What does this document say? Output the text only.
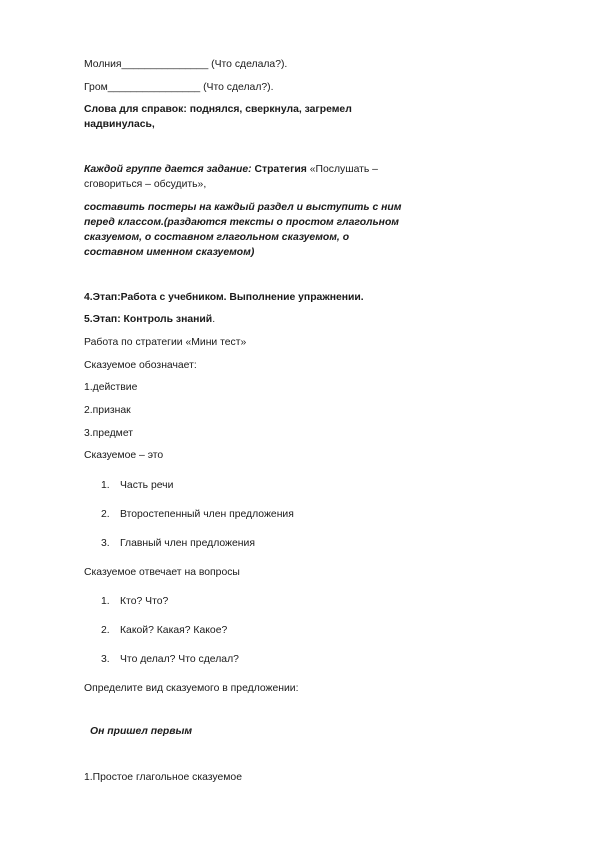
Молния_______________ (Что сделала?).
Гром________________ (Что сделал?).
Слова для справок: поднялся, сверкнула, загремел надвинулась,
Каждой группе дается задание: Стратегия «Послушать – сговориться – обсудить»,
составить постеры на каждый раздел и выступить с ним перед классом.(раздаются тексты о простом глагольном сказуемом, о составном глагольном сказуемом, о составном именном сказуемом)
4.Этап:Работа с учебником. Выполнение упражнении.
5.Этап: Контроль знаний.
Работа по стратегии «Мини тест»
Сказуемое обозначает:
1.действие
2.признак
3.предмет
Сказуемое – это
1. Часть речи
2. Второстепенный член предложения
3. Главный член предложения
Сказуемое отвечает на вопросы
1. Кто? Что?
2. Какой? Какая? Какое?
3. Что делал? Что сделал?
Определите вид сказуемого в предложении:
Он пришел первым
1.Простое глагольное сказуемое
